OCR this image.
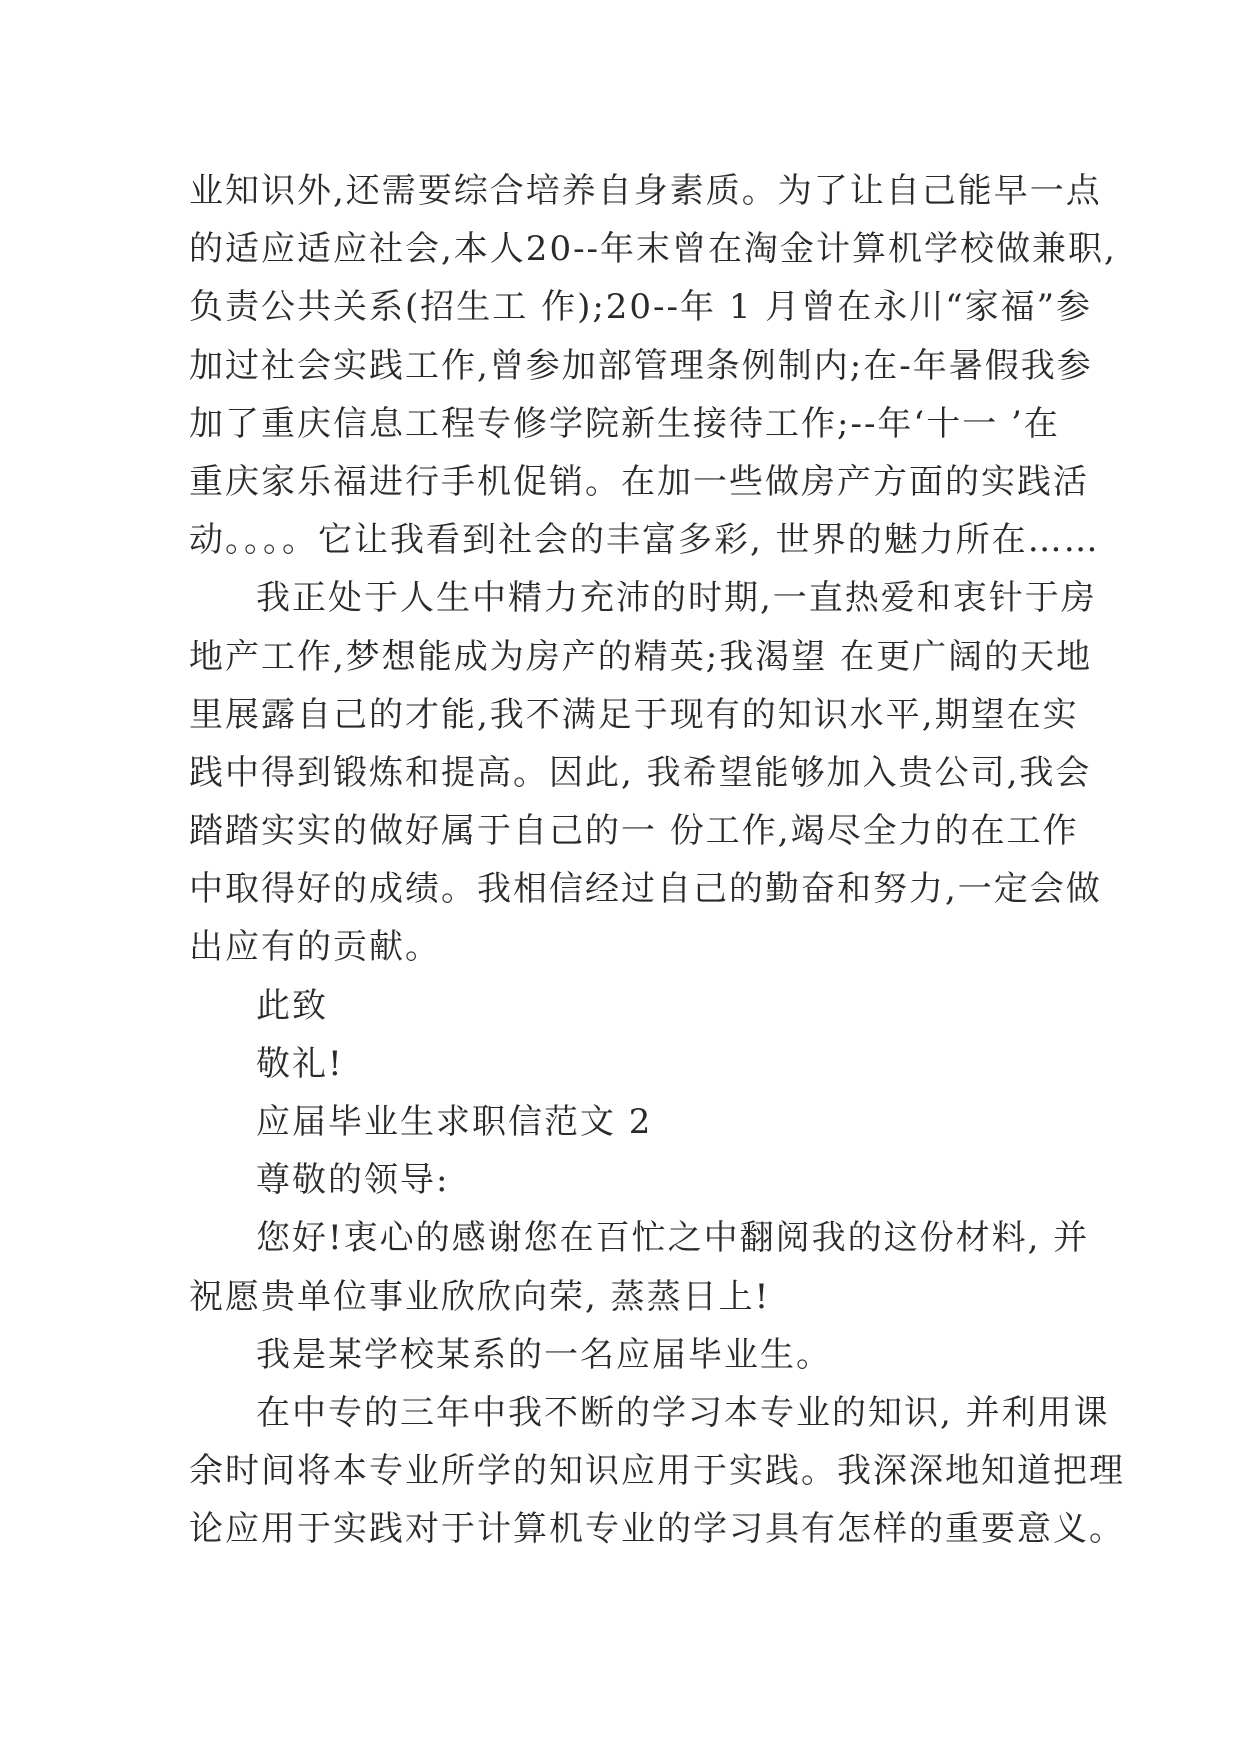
业知识外,还需要综合培养自身素质。为了让自己能早一点
的适应适应社会,本人20--年末曾在淘金计算机学校做兼职,
负责公共关系(招生工 作);20--年 1 月曾在永川“家福”参
加过社会实践工作,曾参加部管理条例制内;在-年暑假我参
加了重庆信息工程专修学院新生接待工作;--年‘十一 ’在
重庆家乐福进行手机促销。在加一些做房产方面的实践活
动。。。。它让我看到社会的丰富多彩, 世界的魅力所在……
我正处于人生中精力充沛的时期,一直热爱和衷针于房
地产工作,梦想能成为房产的精英;我渴望 在更广阔的天地
里展露自己的才能,我不满足于现有的知识水平,期望在实
践中得到锻炼和提高。因此, 我希望能够加入贵公司,我会
踏踏实实的做好属于自己的一 份工作,竭尽全力的在工作
中取得好的成绩。我相信经过自己的勤奋和努力,一定会做
出应有的贡献。
此致
敬礼!
应届毕业生求职信范文 2
尊敬的领导:
您好!衷心的感谢您在百忙之中翻阅我的这份材料, 并
祝愿贵单位事业欣欣向荣, 蒸蒸日上!
我是某学校某系的一名应届毕业生。
在中专的三年中我不断的学习本专业的知识, 并利用课
余时间将本专业所学的知识应用于实践。我深深地知道把理
论应用于实践对于计算机专业的学习具有怎样的重要意义。
